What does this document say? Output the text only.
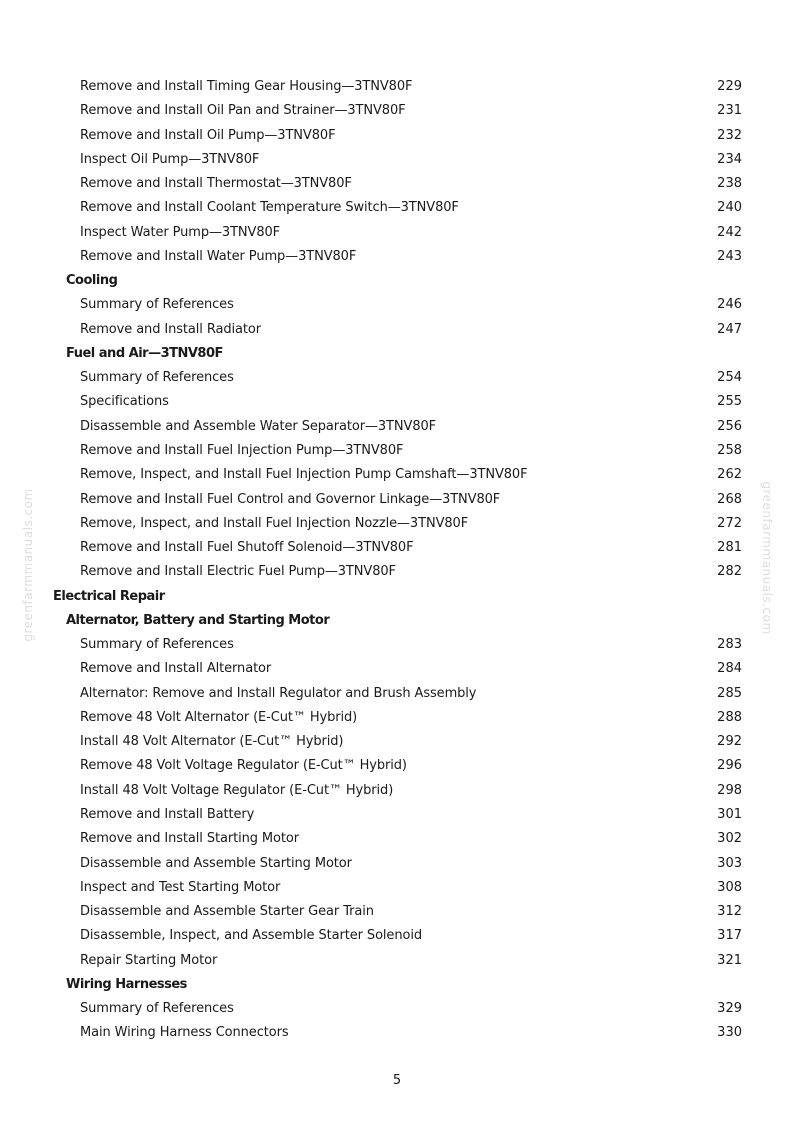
Remove and Install Timing Gear Housing—3TNV80F	229
Remove and Install Oil Pan and Strainer—3TNV80F	231
Remove and Install Oil Pump—3TNV80F	232
Inspect Oil Pump—3TNV80F	234
Remove and Install Thermostat—3TNV80F	238
Remove and Install Coolant Temperature Switch—3TNV80F	240
Inspect Water Pump—3TNV80F	242
Remove and Install Water Pump—3TNV80F	243
Cooling
Summary of References	246
Remove and Install Radiator	247
Fuel and Air—3TNV80F
Summary of References	254
Specifications	255
Disassemble and Assemble Water Separator—3TNV80F	256
Remove and Install Fuel Injection Pump—3TNV80F	258
Remove, Inspect, and Install Fuel Injection Pump Camshaft—3TNV80F	262
Remove and Install Fuel Control and Governor Linkage—3TNV80F	268
Remove, Inspect, and Install Fuel Injection Nozzle—3TNV80F	272
Remove and Install Fuel Shutoff Solenoid—3TNV80F	281
Remove and Install Electric Fuel Pump—3TNV80F	282
Electrical Repair
Alternator, Battery and Starting Motor
Summary of References	283
Remove and Install Alternator	284
Alternator: Remove and Install Regulator and Brush Assembly	285
Remove 48 Volt Alternator (E-Cut™ Hybrid)	288
Install 48 Volt Alternator (E-Cut™ Hybrid)	292
Remove 48 Volt Voltage Regulator (E-Cut™ Hybrid)	296
Install 48 Volt Voltage Regulator (E-Cut™ Hybrid)	298
Remove and Install Battery	301
Remove and Install Starting Motor	302
Disassemble and Assemble Starting Motor	303
Inspect and Test Starting Motor	308
Disassemble and Assemble Starter Gear Train	312
Disassemble, Inspect, and Assemble Starter Solenoid	317
Repair Starting Motor	321
Wiring Harnesses
Summary of References	329
Main Wiring Harness Connectors	330
greenfarmmanuals.com	greenfarmmanuals.com
5
